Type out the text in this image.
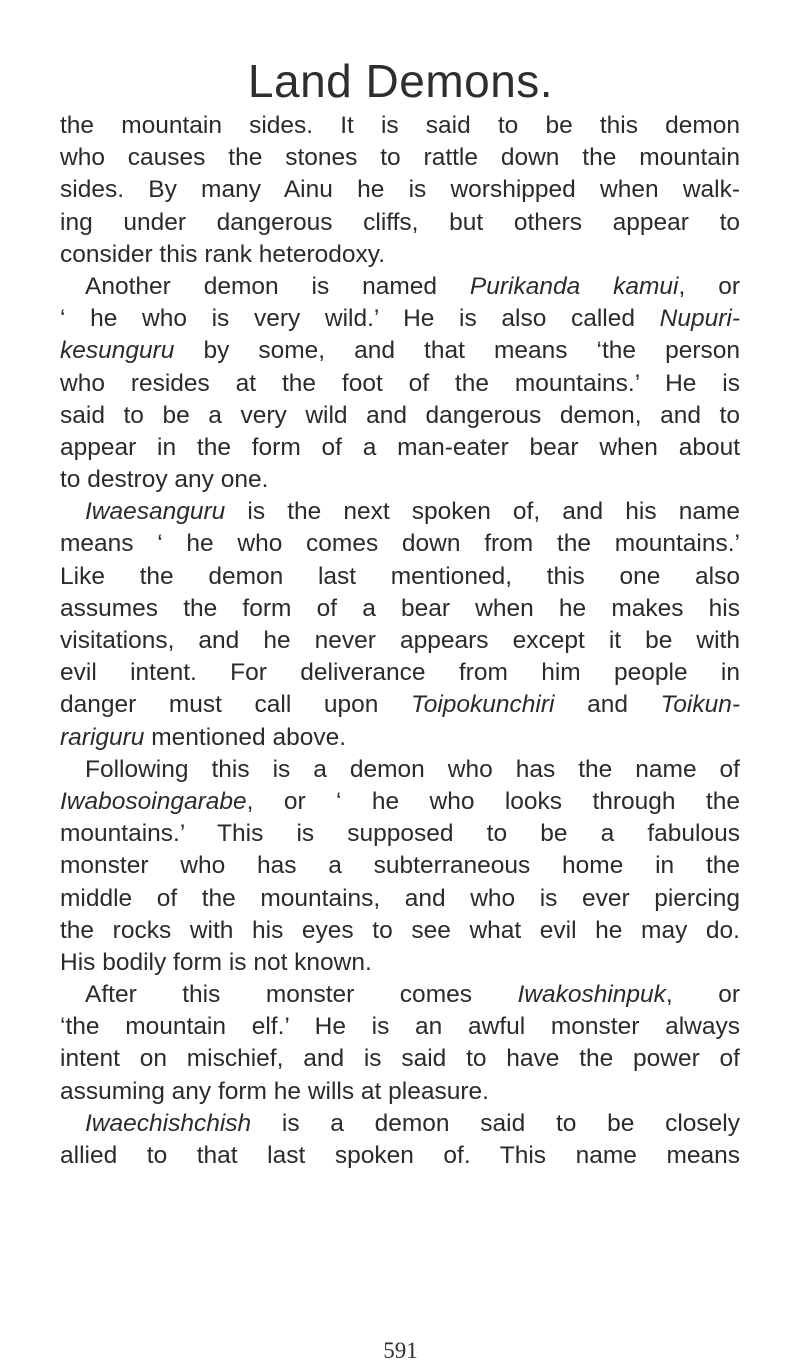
Land Demons.
the mountain sides. It is said to be this demon
who causes the stones to rattle down the mountain
sides. By many Ainu he is worshipped when walk-
ing under dangerous cliffs, but others appear to
consider this rank heterodoxy.
Another demon is named Purikanda kamui, or
‘ he who is very wild.’ He is also called Nupuri-
kesunguru by some, and that means ‘the person
who resides at the foot of the mountains.’ He is
said to be a very wild and dangerous demon, and to
appear in the form of a man-eater bear when about
to destroy any one.
Iwaesanguru is the next spoken of, and his name
means ‘ he who comes down from the mountains.’
Like the demon last mentioned, this one also
assumes the form of a bear when he makes his
visitations, and he never appears except it be with
evil intent. For deliverance from him people in
danger must call upon Toipokunchiri and Toikun-
rariguru mentioned above.
Following this is a demon who has the name of
Iwabosoingarabe, or ‘ he who looks through the
mountains.’ This is supposed to be a fabulous
monster who has a subterraneous home in the
middle of the mountains, and who is ever piercing
the rocks with his eyes to see what evil he may do.
His bodily form is not known.
After this monster comes Iwakoshinpuk, or
‘the mountain elf.’ He is an awful monster always
intent on mischief, and is said to have the power of
assuming any form he wills at pleasure.
Iwaechishchish is a demon said to be closely
allied to that last spoken of. This name means
591
